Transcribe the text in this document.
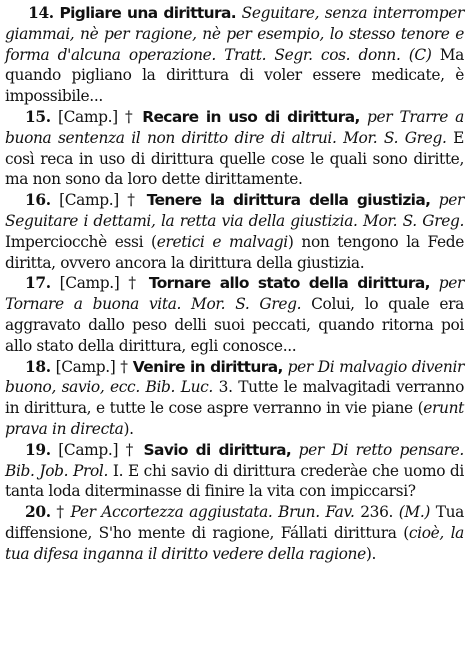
14. Pigliare una dirittura. Seguitare, senza interromper giammai, nè per ragione, nè per esempio, lo stesso tenore e forma d'alcuna operazione. Tratt. Segr. cos. donn. (C) Ma quando pigliano la dirittura di voler essere medicate, è impossibile...

15. [Camp.] † Recare in uso di dirittura, per Trarre a buona sentenza il non diritto dire di altrui. Mor. S. Greg. E così reca in uso di dirittura quelle cose le quali sono diritte, ma non sono da loro dette dirittamente.

16. [Camp.] † Tenere la dirittura della giustizia, per Seguitare i dettami, la retta via della giustizia. Mor. S. Greg. Imperciocchè essi (eretici e malvagi) non tengono la Fede diritta, ovvero ancora la dirittura della giustizia.

17. [Camp.] † Tornare allo stato della dirittura, per Tornare a buona vita. Mor. S. Greg. Colui, lo quale era aggravato dallo peso delli suoi peccati, quando ritorna poi allo stato della dirittura, egli conosce...

18. [Camp.] † Venire in dirittura, per Di malvagio divenir buono, savio, ecc. Bib. Luc. 3. Tutte le malvagitadi verranno in dirittura, e tutte le cose aspre verranno in vie piane (erunt prava in directa).

19. [Camp.] † Savio di dirittura, per Di retto pensare. Bib. Job. Prol. I. E chi savio di dirittura crederàe che uomo di tanta loda diterminasse di finire la vita con impiccarsi?

20. † Per Accortezza aggiustata. Brun. Fav. 236. (M.) Tua diffensione, S'ho mente di ragione, Fállati dirittura (cioè, la tua difesa inganna il diritto vedere della ragione).
